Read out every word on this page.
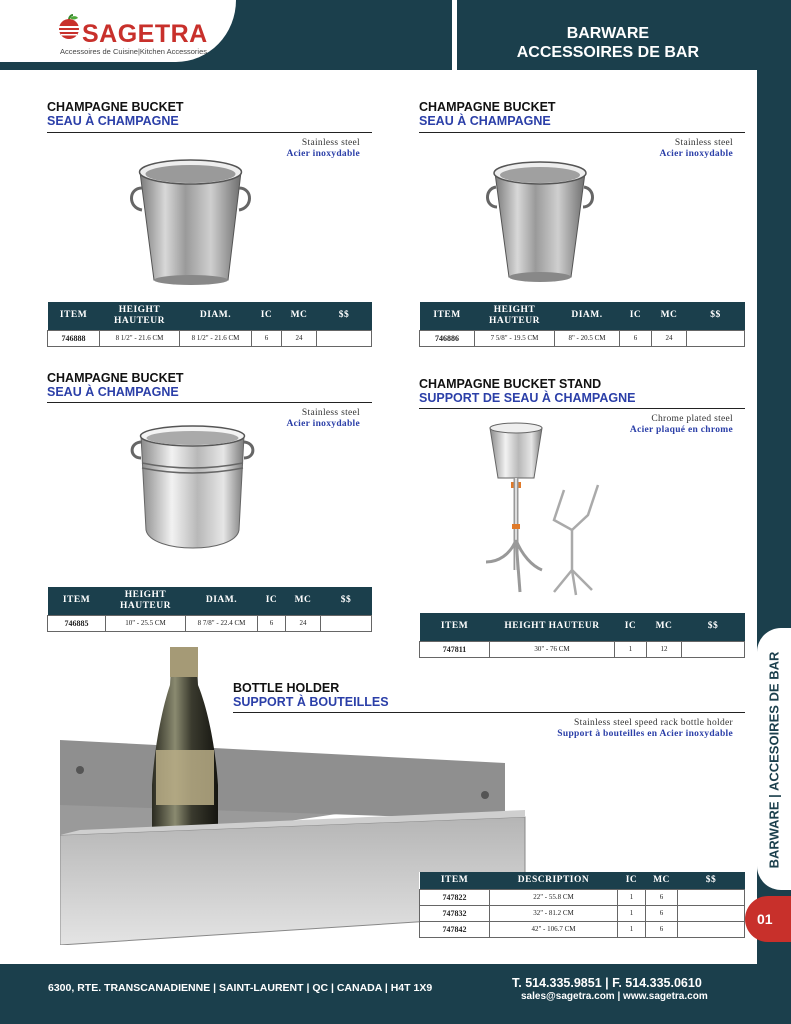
SAGETRA
Accessoires de Cuisine|Kitchen Accessories
BARWARE
ACCESSOIRES DE BAR
BARWARE | ACCESOIRES DE BAR
01
CHAMPAGNE BUCKET
SEAU À CHAMPAGNE
Stainless steel
Acier inoxydable
ITEM	HEIGHT HAUTEUR	DIAM.	IC	MC	$$
746888	8 1/2" - 21.6 CM	8 1/2" - 21.6 CM	6	24	
CHAMPAGNE BUCKET
SEAU À CHAMPAGNE
Stainless steel
Acier inoxydable
ITEM	HEIGHT HAUTEUR	DIAM.	IC	MC	$$
746886	7 5/8" - 19.5 CM	8" - 20.5 CM	6	24	
CHAMPAGNE BUCKET
SEAU À CHAMPAGNE
Stainless steel
Acier inoxydable
ITEM	HEIGHT HAUTEUR	DIAM.	IC	MC	$$
746885	10" - 25.5 CM	8 7/8" - 22.4 CM	6	24	
CHAMPAGNE BUCKET STAND
SUPPORT DE SEAU À CHAMPAGNE
Chrome plated steel
Acier plaqué en chrome
ITEM	HEIGHT HAUTEUR	IC	MC	$$
747811	30" - 76 CM	1	12	
BOTTLE HOLDER
SUPPORT À BOUTEILLES
Stainless steel speed rack bottle holder
Support à bouteilles en Acier inoxydable
ITEM	DESCRIPTION	IC	MC	$$
747822	22" - 55.8 CM	1	6	
747832	32" - 81.2 CM	1	6	
747842	42" - 106.7 CM	1	6	
6300, RTE. TRANSCANADIENNE | SAINT-LAURENT | QC | CANADA | H4T 1X9	T. 514.335.9851 | F. 514.335.0610
sales@sagetra.com | www.sagetra.com
